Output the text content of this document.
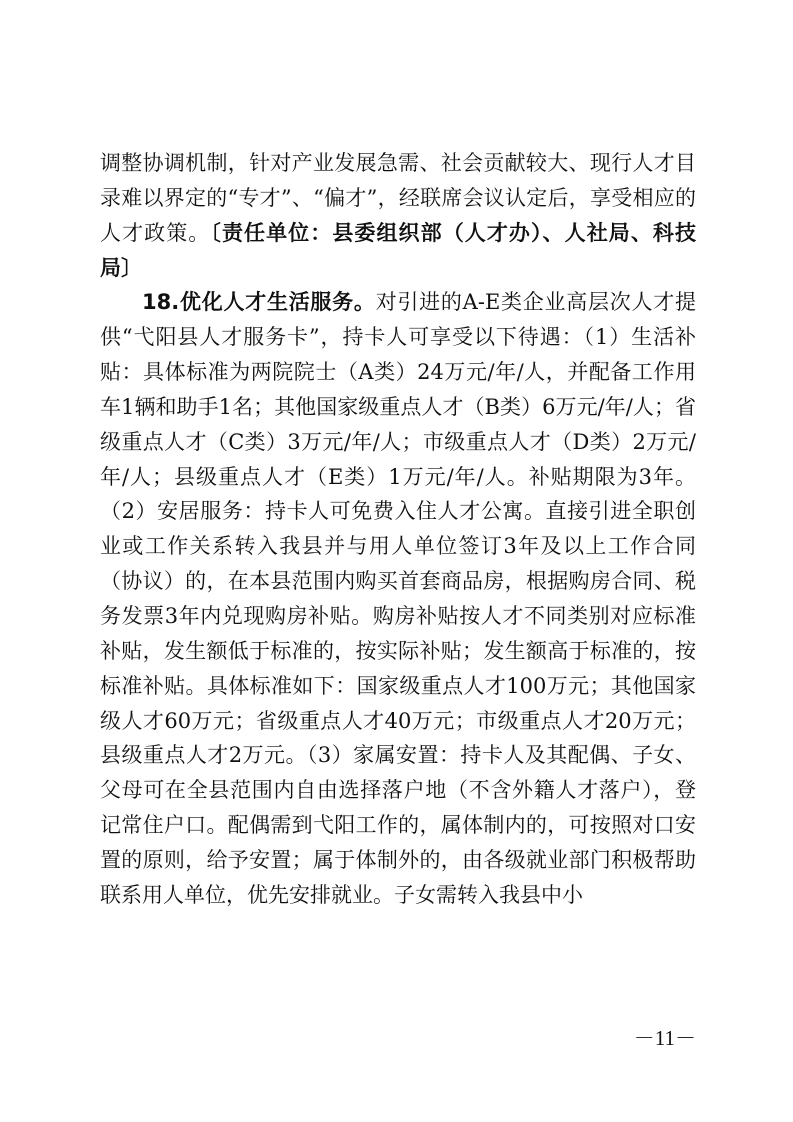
调整协调机制，针对产业发展急需、社会贡献较大、现行人才目录难以界定的“专才”、“偏才”，经联席会议认定后，享受相应的人才政策。〔责任单位：县委组织部（人才办）、人社局、科技局〕

18.优化人才生活服务。对引进的A-E类企业高层次人才提供“弋阳县人才服务卡”，持卡人可享受以下待遇：（1）生活补贴：具体标准为两院院士（A类）24万元/年/人，并配备工作用车1辆和助手1名；其他国家级重点人才（B类）6万元/年/人；省级重点人才（C类）3万元/年/人；市级重点人才（D类）2万元/年/人；县级重点人才（E类）1万元/年/人。补贴期限为3年。（2）安居服务：持卡人可免费入住人才公寓。直接引进全职创业或工作关系转入我县并与用人单位签订3年及以上工作合同（协议）的，在本县范围内购买首套商品房，根据购房合同、税务发票3年内兑现购房补贴。购房补贴按人才不同类别对应标准补贴，发生额低于标准的，按实际补贴；发生额高于标准的，按标准补贴。具体标准如下：国家级重点人才100万元；其他国家级人才60万元；省级重点人才40万元；市级重点人才20万元；县级重点人才2万元。（3）家属安置：持卡人及其配偶、子女、父母可在全县范围内自由选择落户地（不含外籍人才落户），登记常住户口。配偶需到弋阳工作的，属体制内的，可按照对口安置的原则，给予安置；属于体制外的，由各级就业部门积极帮助联系用人单位，优先安排就业。子女需转入我县中小

－11－
